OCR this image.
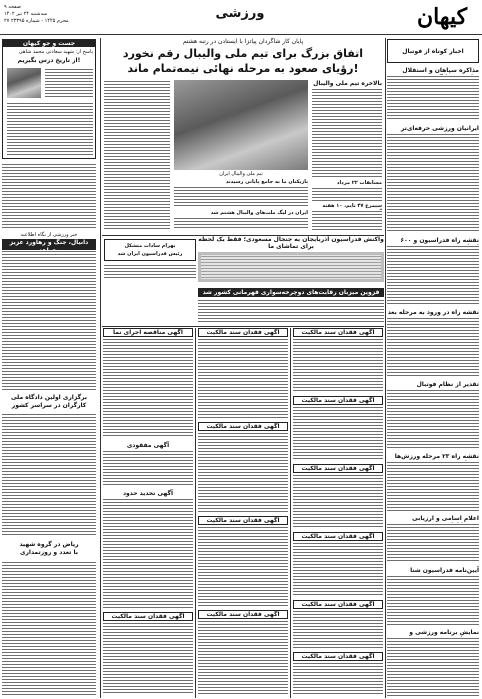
صفحه ۹
سه‌شنبه ۲۴ تیر ۱۴۰۲
۲۷ محرم ۱۴۴۵ - شماره ۲۳۳۹۵	ورزشی	کیهان
جست و جو کیهان
پاسخ از: شهید سعادتی محمد شاهی
از تاریخ درس بگیریم!
خبر ورزشی از نگاه اطلاعیه
دانیال، جنگ و رهاورد عزیز
برگزاری اولین دادگاه ملی کارگران در سراسر کشور
ریاض در گروه شهید
با تعدد و روزتمداری
اخبار کوتاه از فوتبال
مذاکره سپاهان و استقلال
ایرانیان ورزشی حرفه‌ای‌تر
نقشه راه فدراسیون و ۶۰۰
نقشه راه در ورود به مرحله بعد
تقدیر از نظام فوتبال
نقشه راه ۲۳ مرحله ورزش‌ها
اعلام اسامی و ارزیابی
آیین‌نامه فدراسیون شنا
نمایش برنامه ورزشی و
پایان کار شاگردان پیاتزا با ایستادن در رتبه هشتم
اتفاق بزرگ برای تیم ملی والیبال رقم نخورد
رؤیای صعود به مرحله نهائی نیمه‌تمام ماند!
تیم ملی والیبال ایران
بالاخره تیم ملی والیبال
مسابقات ۲۲ مرداد
سیمرغ ۴۷ تایم، ۱۰ هفته
بازیکنان ما به جامع پایانی رسیدند
ایران در لیگ ملت‌های والیبال هشتم شد
بهرام سادات متشکل
رئیس فدراسیون ایران شد
واکنش فدراسیون آذربایجان به جنجال مسعودی؛ فقط یک لحظه برای تماشای ما
قزوین میزبان رقابت‌های دوچرخه‌سواری قهرمانی کشور شد
آگهی مناقصه اجرای نما
آگهی مفقودی
آگهی تحدید حدود
آگهی فقدان سند مالکیت
آگهی فقدان سند مالکیت
آگهی فقدان سند مالکیت
آگهی فقدان سند مالکیت
آگهی فقدان سند مالکیت
آگهی فقدان سند مالکیت
آگهی فقدان سند مالکیت
آگهی فقدان سند مالکیت
آگهی فقدان سند مالکیت
آگهی فقدان سند مالکیت
آگهی فقدان سند مالکیت
